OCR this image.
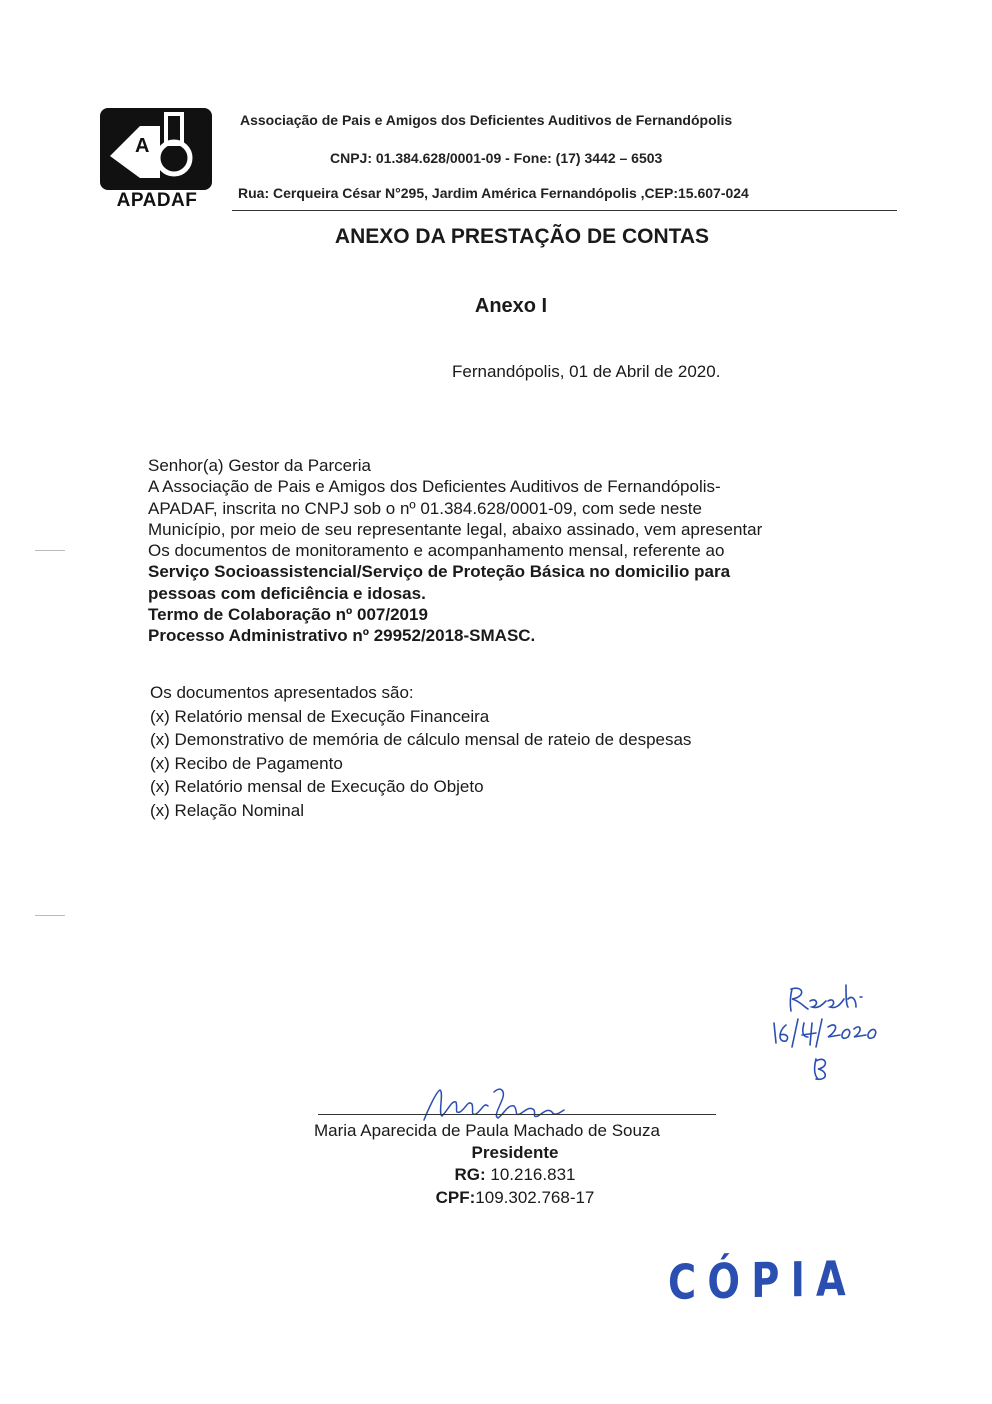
A
APADAF
Associação de Pais e Amigos dos Deficientes Auditivos de Fernandópolis
CNPJ: 01.384.628/0001-09 - Fone: (17) 3442 – 6503
Rua: Cerqueira César N°295, Jardim América Fernandópolis ,CEP:15.607-024
ANEXO DA PRESTAÇÃO DE CONTAS
Anexo I
Fernandópolis, 01 de Abril de 2020.

Senhor(a) Gestor da Parceria

A Associação de Pais e Amigos dos Deficientes Auditivos de Fernandópolis-

APADAF, inscrita no CNPJ sob o nº 01.384.628/0001-09, com sede neste

Município, por meio de seu representante legal, abaixo assinado, vem apresentar

Os documentos de monitoramento e acompanhamento mensal, referente ao

Serviço Socioassistencial/Serviço de Proteção Básica no domicilio para

pessoas com deficiência e idosas.

Termo de Colaboração nº 007/2019

Processo Administrativo nº 29952/2018-SMASC.

Os documentos apresentados são:

(x) Relatório mensal de Execução Financeira

(x) Demonstrativo de memória de cálculo mensal de rateio de despesas

(x) Recibo de Pagamento

(x) Relatório mensal de Execução do Objeto

(x) Relação Nominal

Maria Aparecida de Paula Machado de Souza
Presidente
RG: 10.216.831
CPF:109.302.768-17
CÓPIA
